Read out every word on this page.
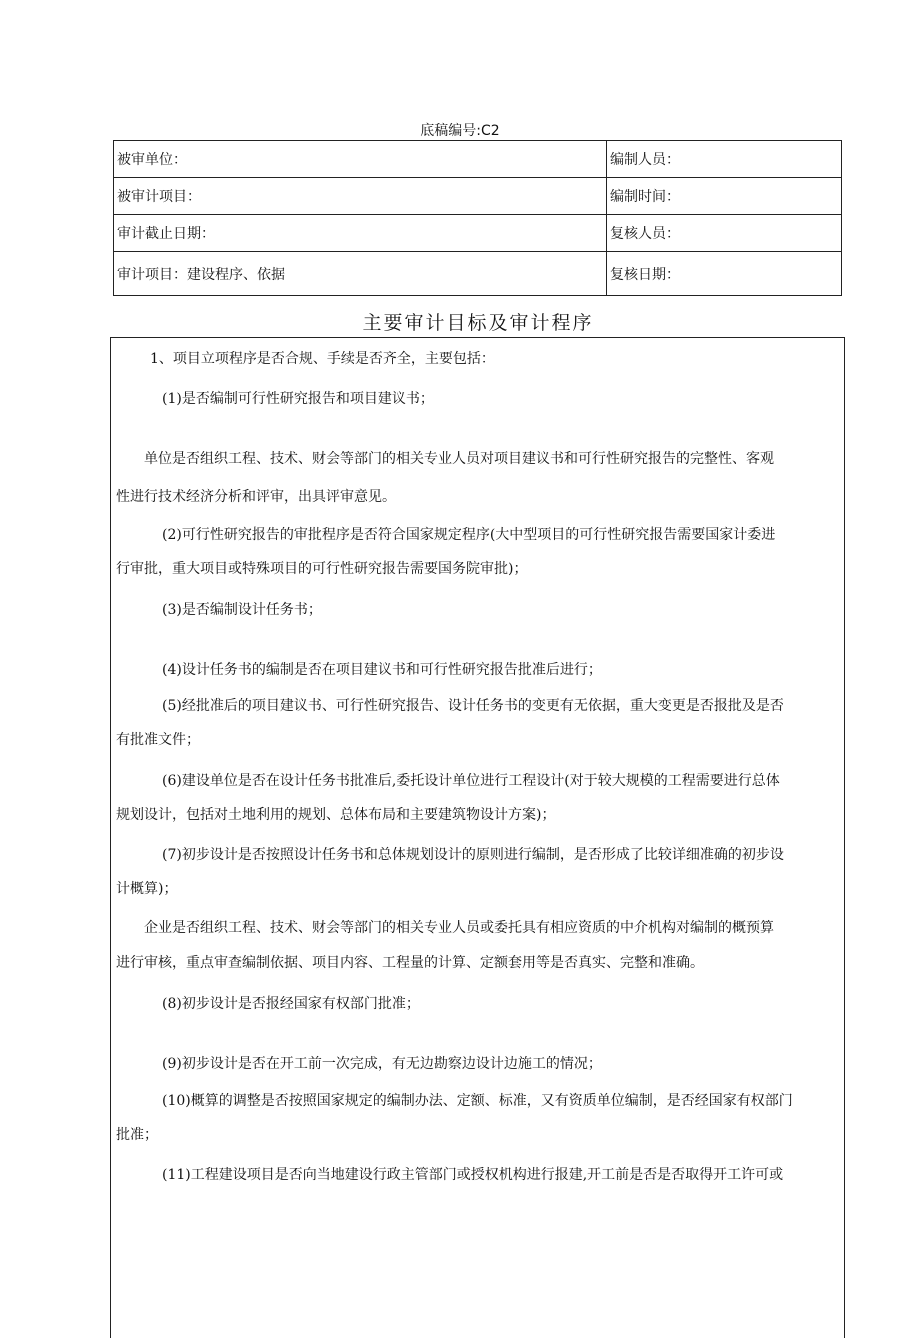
底稿编号:C2
被审单位：	编制人员：
被审计项目：	编制时间：
审计截止日期：	复核人员：
审计项目：建设程序、依据	复核日期：
主要审计目标及审计程序
1、项目立项程序是否合规、手续是否齐全，主要包括：
(1)是否编制可行性研究报告和项目建议书；
单位是否组织工程、技术、财会等部门的相关专业人员对项目建议书和可行性研究报告的完整性、客观
性进行技术经济分析和评审，出具评审意见。
(2)可行性研究报告的审批程序是否符合国家规定程序(大中型项目的可行性研究报告需要国家计委进
行审批，重大项目或特殊项目的可行性研究报告需要国务院审批)；
(3)是否编制设计任务书；
(4)设计任务书的编制是否在项目建议书和可行性研究报告批准后进行；
(5)经批准后的项目建议书、可行性研究报告、设计任务书的变更有无依据，重大变更是否报批及是否
有批准文件；
(6)建设单位是否在设计任务书批准后,委托设计单位进行工程设计(对于较大规模的工程需要进行总体
规划设计，包括对土地利用的规划、总体布局和主要建筑物设计方案)；
(7)初步设计是否按照设计任务书和总体规划设计的原则进行编制，是否形成了比较详细准确的初步设
计概算)；
企业是否组织工程、技术、财会等部门的相关专业人员或委托具有相应资质的中介机构对编制的概预算
进行审核，重点审查编制依据、项目内容、工程量的计算、定额套用等是否真实、完整和准确。
(8)初步设计是否报经国家有权部门批准；
(9)初步设计是否在开工前一次完成，有无边勘察边设计边施工的情况；
(10)概算的调整是否按照国家规定的编制办法、定额、标准，又有资质单位编制，是否经国家有权部门
批准；
(11)工程建设项目是否向当地建设行政主管部门或授权机构进行报建,开工前是否是否取得开工许可或
